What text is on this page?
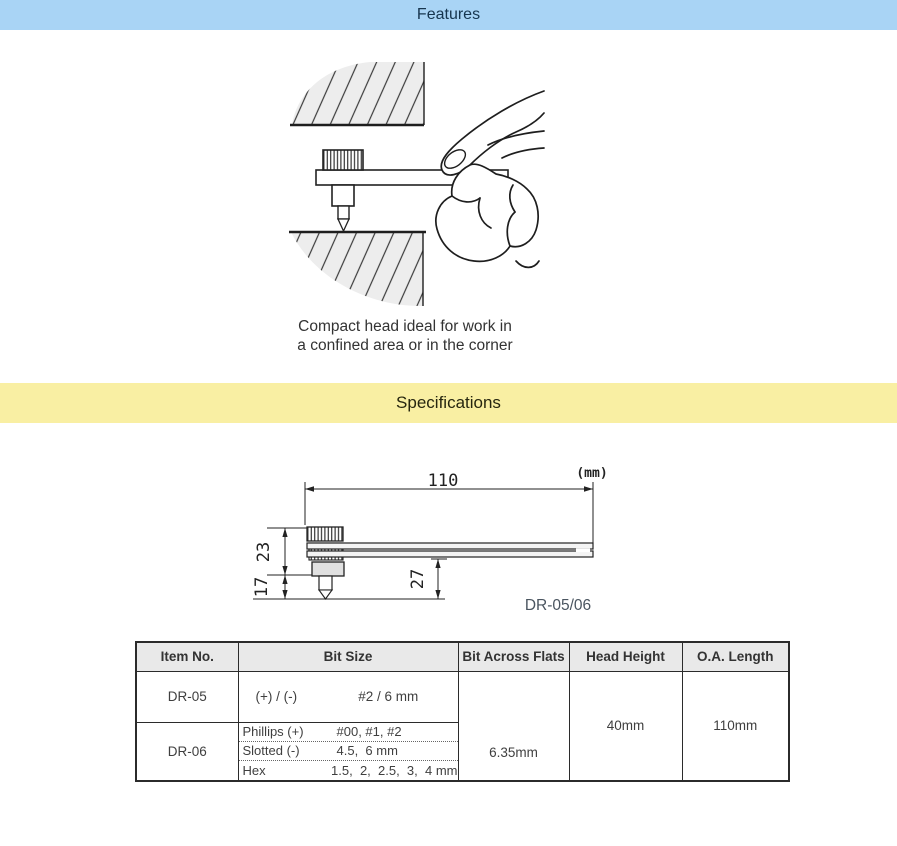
Features
Compact head ideal for work in
a confined area or in the corner
Specifications
110	(mm)
23
17	27
DR-05/06
Item No.	Bit Size	Bit Across Flats	Head Height	O.A. Length
DR-05	(+) / (-) #2 / 6 mm	6.35mm	40mm	110mm
DR-06	
Phillips (+)	#00, #1, #2
Slotted (-)	4.5,  6 mm
Hex	1.5,  2,  2.5,  3,  4 mm
